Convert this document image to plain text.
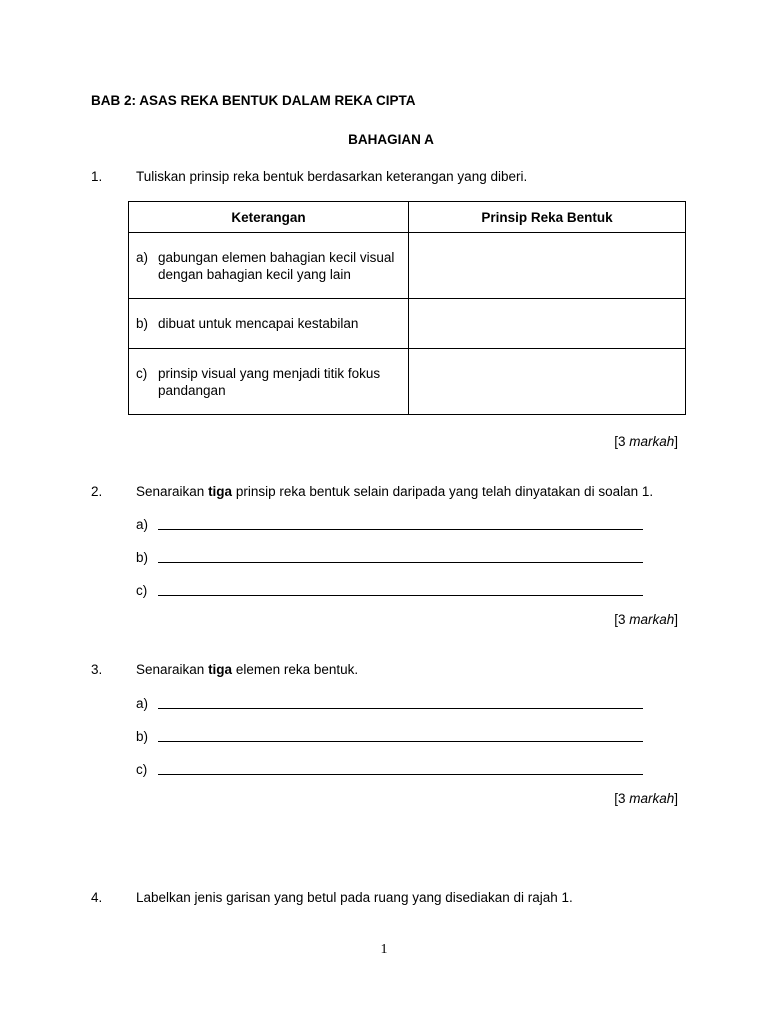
BAB 2: ASAS REKA BENTUK DALAM REKA CIPTA
BAHAGIAN A
1. Tuliskan prinsip reka bentuk berdasarkan keterangan yang diberi.
Keterangan	Prinsip Reka Bentuk

a) gabungan elemen bahagian kecil visual dengan bahagian kecil yang lain	

b) dibuat untuk mencapai kestabilan	

c) prinsip visual yang menjadi titik fokus pandangan	

[3 markah]
2. Senaraikan tiga prinsip reka bentuk selain daripada yang telah dinyatakan di soalan 1.
a)
b)
c)
[3 markah]
3. Senaraikan tiga elemen reka bentuk.
a)
b)
c)
[3 markah]
4. Labelkan jenis garisan yang betul pada ruang yang disediakan di rajah 1.
1
